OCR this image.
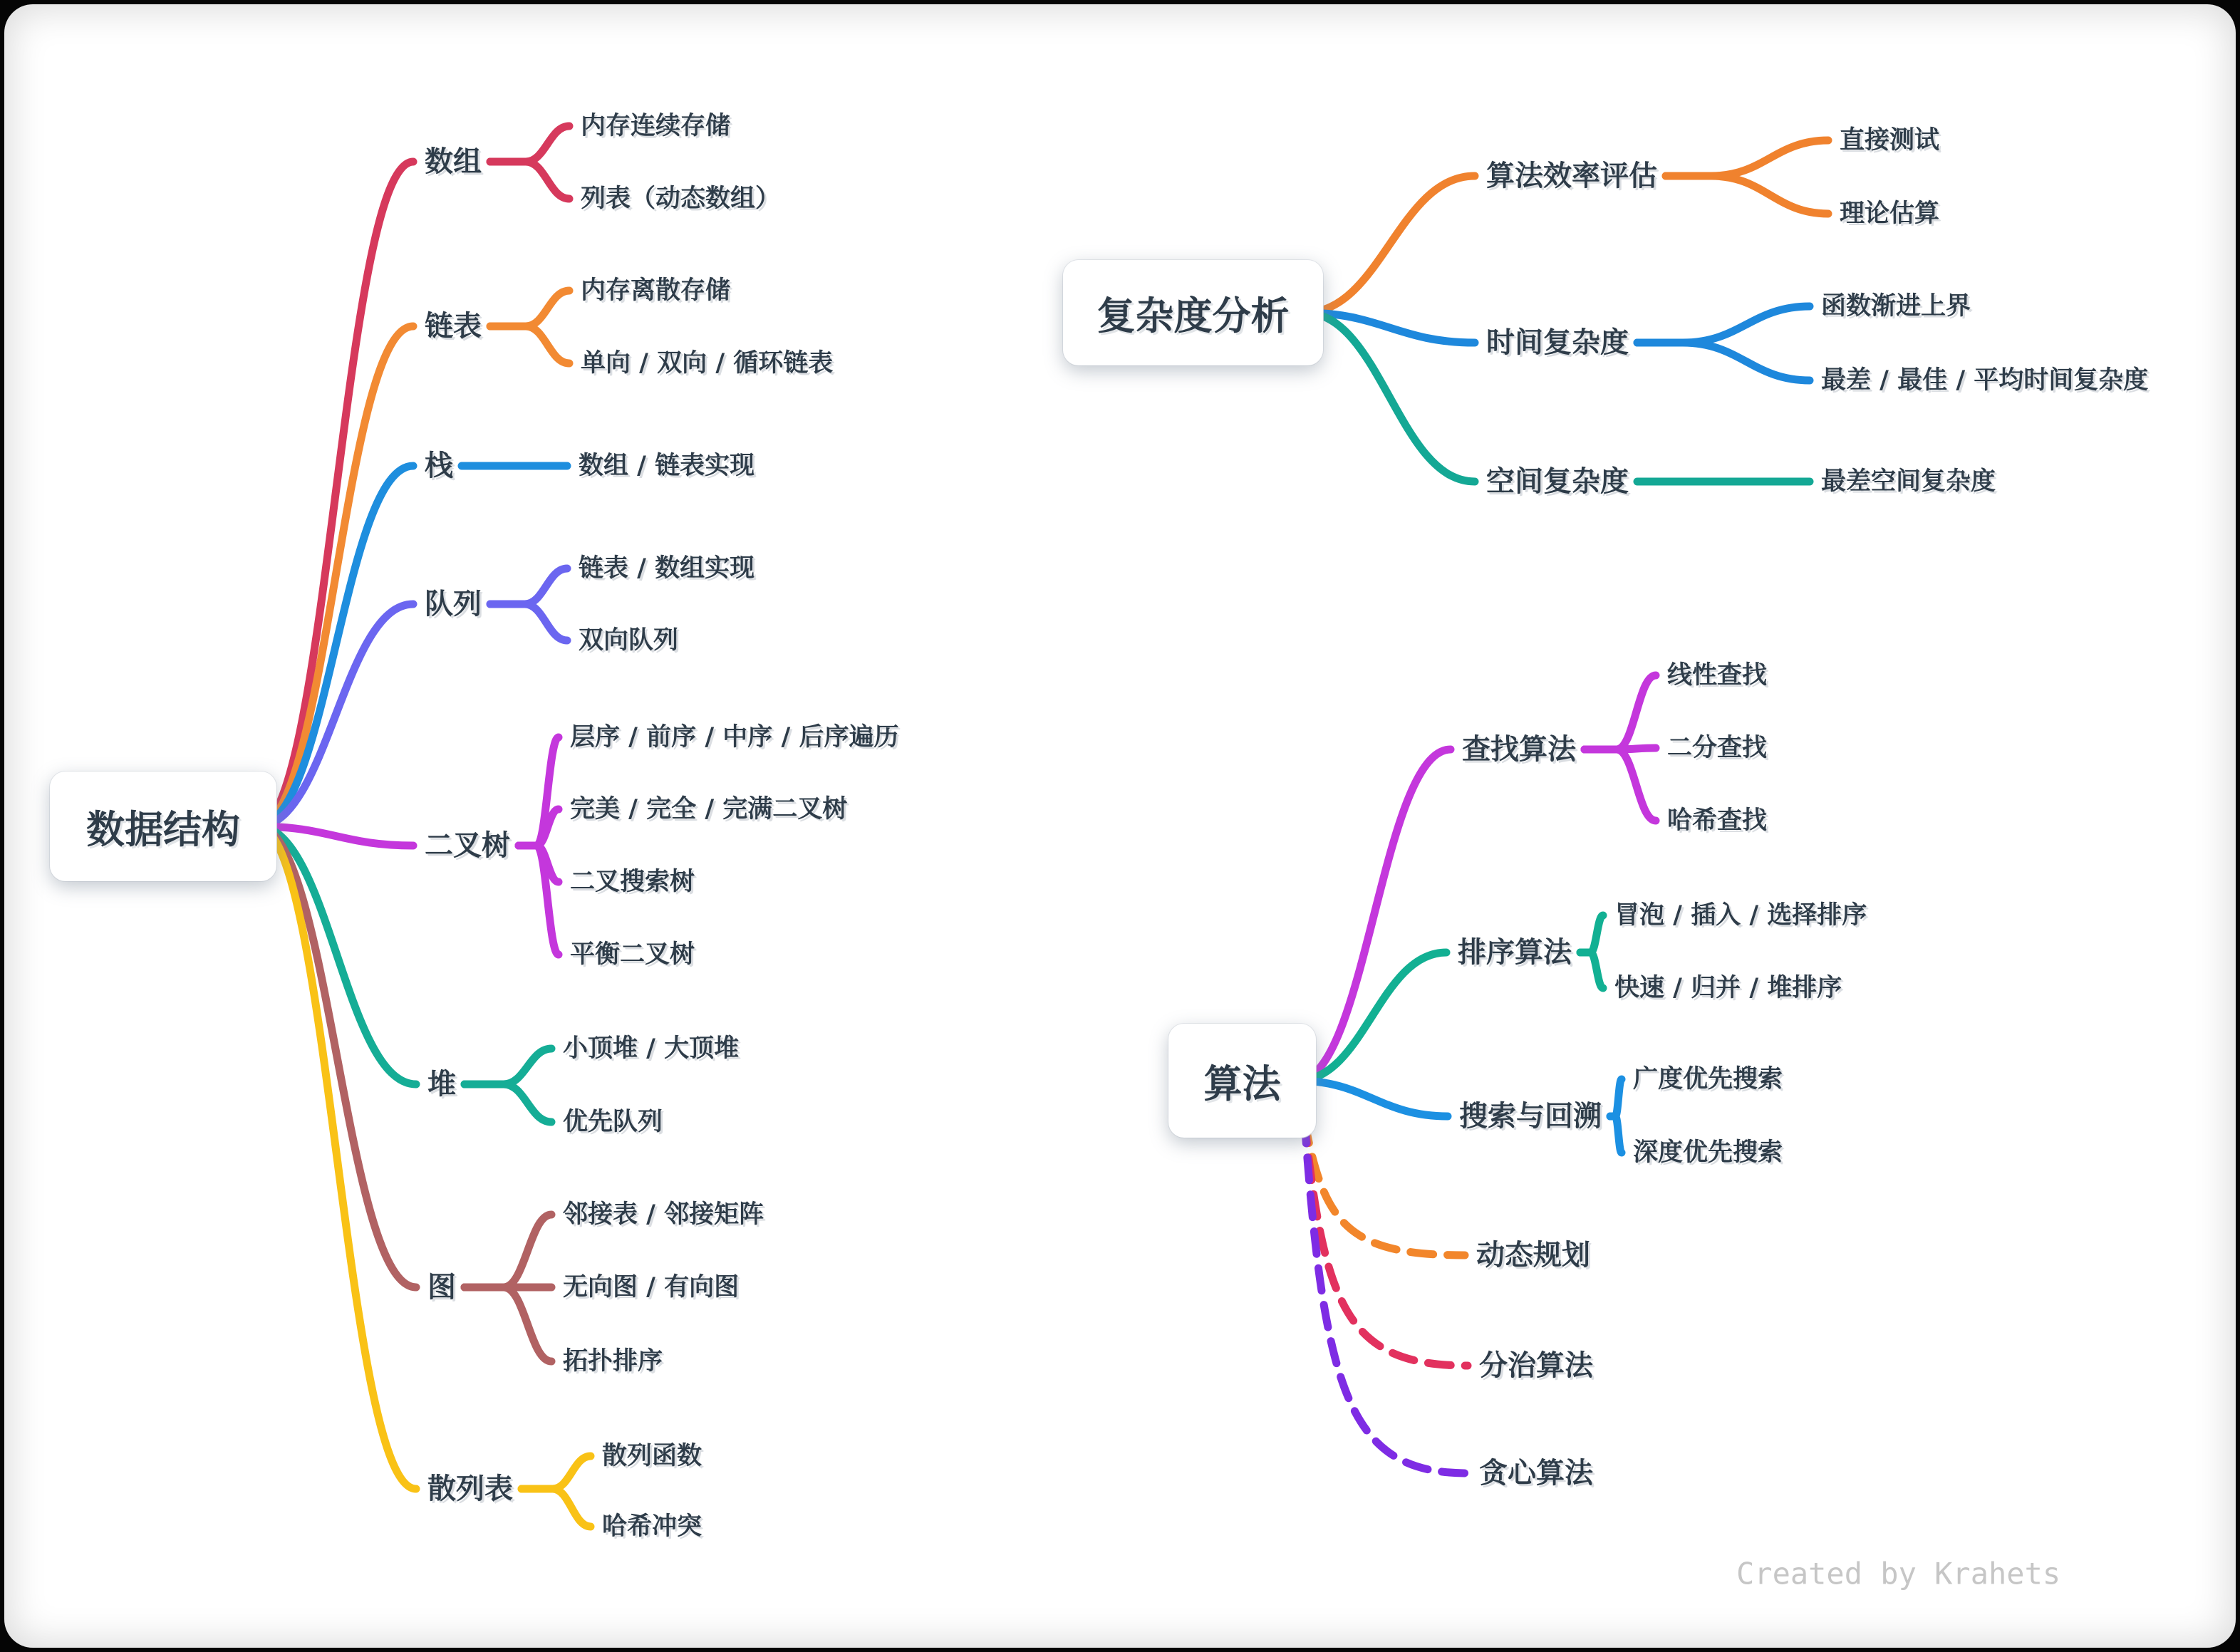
数组
内存连续存储
列表（动态数组）
链表
内存离散存储
单向 / 双向 / 循环链表
栈	数组 / 链表实现
队列
链表 / 数组实现
双向队列
二叉树
层序 / 前序 / 中序 / 后序遍历
完美 / 完全 / 完满二叉树
二叉搜索树
平衡二叉树
堆
小顶堆 / 大顶堆
优先队列
图
邻接表 / 邻接矩阵
无向图 / 有向图
拓扑排序
散列表
散列函数
哈希冲突
算法效率评估
直接测试
理论估算
时间复杂度
函数渐进上界
最差 / 最佳 / 平均时间复杂度
空间复杂度	最差空间复杂度
查找算法
线性查找
二分查找
哈希查找
排序算法
冒泡 / 插入 / 选择排序
快速 / 归并 / 堆排序
搜索与回溯
广度优先搜索
深度优先搜索
动态规划
分治算法
贪心算法
数据结构
复杂度分析
算法
Created by Krahets
